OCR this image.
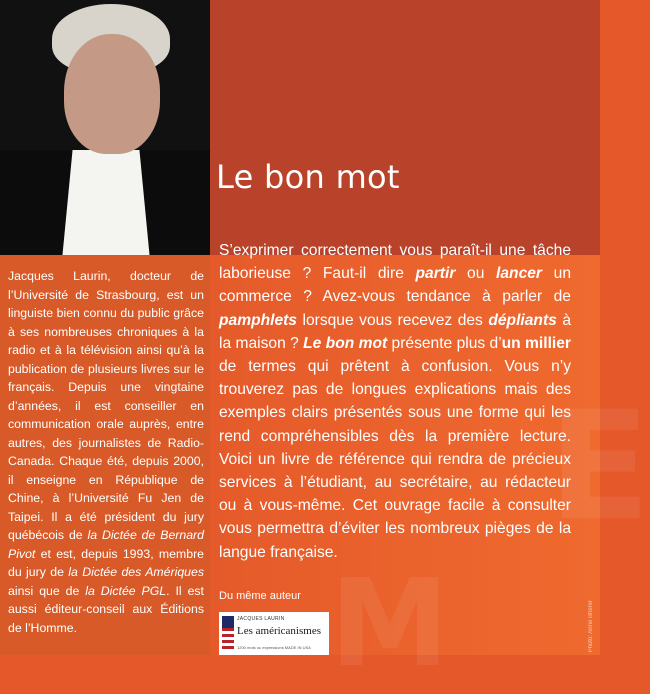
Le bon mot
E
M
Jacques Laurin, docteur de l’Université de Strasbourg, est un linguiste bien connu du public grâce à ses nombreuses chroniques à la radio et à la télévision ainsi qu’à la publication de plusieurs livres sur le français. Depuis une vingtaine d’années, il est conseiller en communication orale auprès, entre autres, des journalistes de Radio-Canada. Chaque été, depuis 2000, il enseigne en République de Chine, à l’Université Fu Jen de Taipei. Il a été président du jury québécois de la Dictée de Bernard Pivot et est, depuis 1993, membre du jury de la Dictée des Amériques ainsi que de la Dictée PGL. Il est aussi éditeur-conseil aux Éditions de l’Homme.
S’exprimer correctement vous paraît-il une tâche laborieuse ? Faut-il dire partir ou lancer un commerce ? Avez-vous tendance à parler de pamphlets lorsque vous recevez des dépliants à la maison ? Le bon mot présente plus d’un millier de termes qui prêtent à confusion. Vous n’y trouverez pas de longues explications mais des exemples clairs présentés sous une forme qui les rend compréhensibles dès la première lecture. Voici un livre de référence qui rendra de précieux services à l’étudiant, au secrétaire, au rédacteur ou à vous-même. Cet ouvrage facile à consulter vous permettra d’éviter les nombreux pièges de la langue française.
Du même auteur
JACQUES LAURIN
Les américanismes
1200 mots ou expressions MADE IN USA	Photo: Anne Bherer
